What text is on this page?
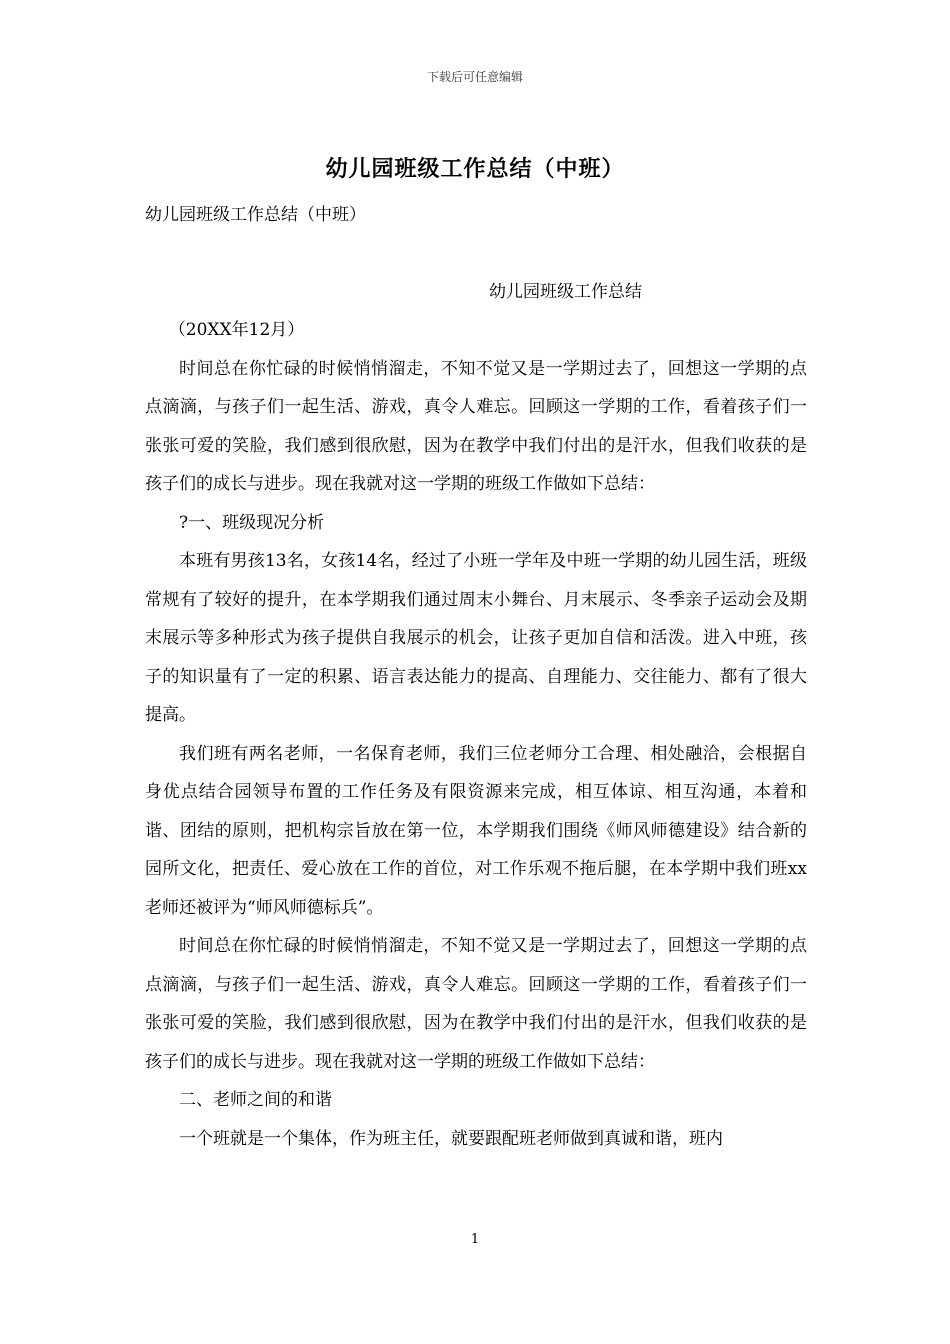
下载后可任意编辑
幼儿园班级工作总结（中班）

幼儿园班级工作总结（中班）

幼儿园班级工作总结

（20XX年12月）

时间总在你忙碌的时候悄悄溜走，不知不觉又是一学期过去了，回想这一学期的点点滴滴，与孩子们一起生活、游戏，真令人难忘。回顾这一学期的工作，看着孩子们一张张可爱的笑脸，我们感到很欣慰，因为在教学中我们付出的是汗水，但我们收获的是孩子们的成长与进步。现在我就对这一学期的班级工作做如下总结：

?一、班级现况分析

本班有男孩13名，女孩14名，经过了小班一学年及中班一学期的幼儿园生活，班级常规有了较好的提升，在本学期我们通过周末小舞台、月末展示、冬季亲子运动会及期末展示等多种形式为孩子提供自我展示的机会，让孩子更加自信和活泼。进入中班，孩子的知识量有了一定的积累、语言表达能力的提高、自理能力、交往能力、都有了很大提高。

我们班有两名老师，一名保育老师，我们三位老师分工合理、相处融洽，会根据自身优点结合园领导布置的工作任务及有限资源来完成，相互体谅、相互沟通，本着和谐、团结的原则，把机构宗旨放在第一位，本学期我们围绕《师风师德建设》结合新的园所文化，把责任、爱心放在工作的首位，对工作乐观不拖后腿，在本学期中我们班xx老师还被评为“师风师德标兵”。

时间总在你忙碌的时候悄悄溜走，不知不觉又是一学期过去了，回想这一学期的点点滴滴，与孩子们一起生活、游戏，真令人难忘。回顾这一学期的工作，看着孩子们一张张可爱的笑脸，我们感到很欣慰，因为在教学中我们付出的是汗水，但我们收获的是孩子们的成长与进步。现在我就对这一学期的班级工作做如下总结：

二、老师之间的和谐

一个班就是一个集体，作为班主任，就要跟配班老师做到真诚和谐，班内

1
